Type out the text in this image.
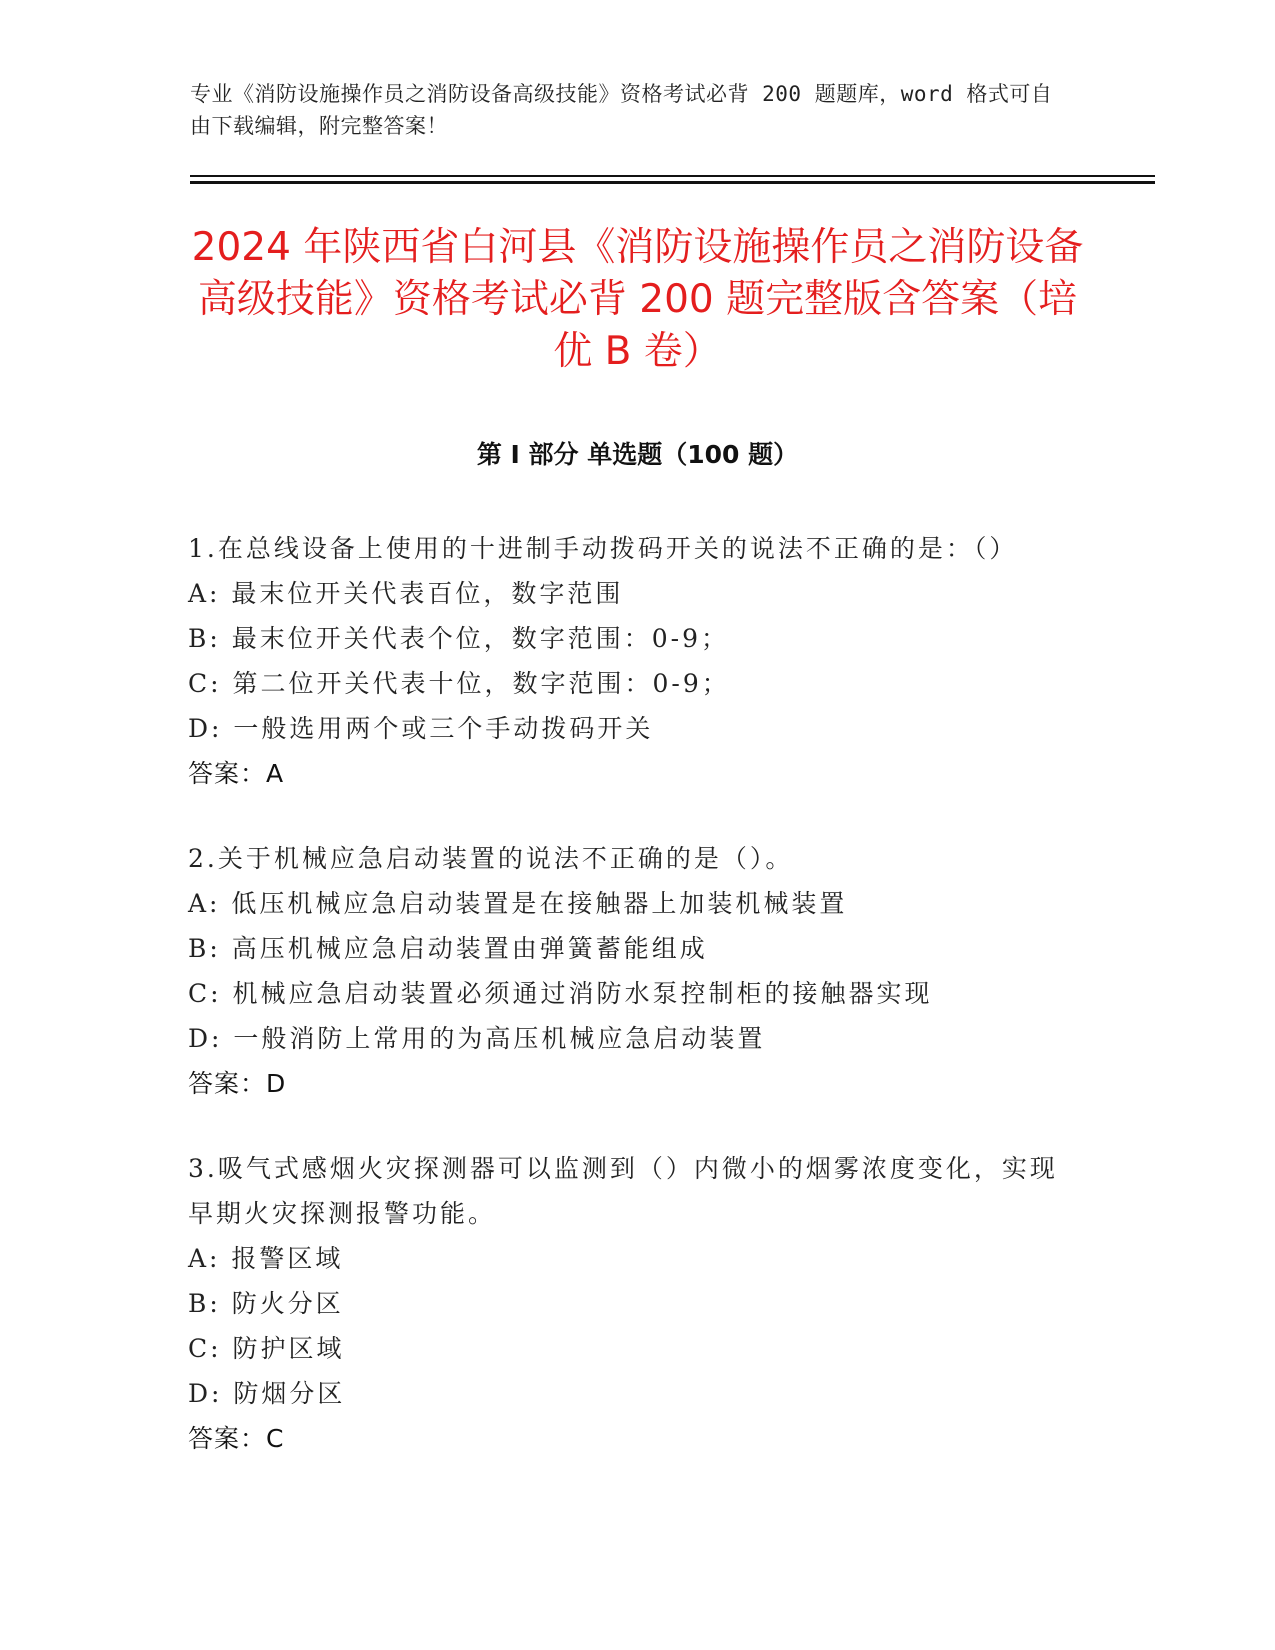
专业《消防设施操作员之消防设备高级技能》资格考试必背 200 题题库，word 格式可自由下载编辑，附完整答案！
2024 年陕西省白河县《消防设施操作员之消防设备高级技能》资格考试必背 200 题完整版含答案（培优 B 卷）
第 I 部分 单选题（100 题）

1.在总线设备上使用的十进制手动拨码开关的说法不正确的是：（）

A: 最末位开关代表百位，数字范围

B: 最末位开关代表个位，数字范围：0-9；

C: 第二位开关代表十位，数字范围：0-9；

D: 一般选用两个或三个手动拨码开关

答案：A

2.关于机械应急启动装置的说法不正确的是（）。

A: 低压机械应急启动装置是在接触器上加装机械装置

B: 高压机械应急启动装置由弹簧蓄能组成

C: 机械应急启动装置必须通过消防水泵控制柜的接触器实现

D: 一般消防上常用的为高压机械应急启动装置

答案：D

3.吸气式感烟火灾探测器可以监测到（）内微小的烟雾浓度变化，实现早期火灾探测报警功能。

A: 报警区域

B: 防火分区

C: 防护区域

D: 防烟分区

答案：C
